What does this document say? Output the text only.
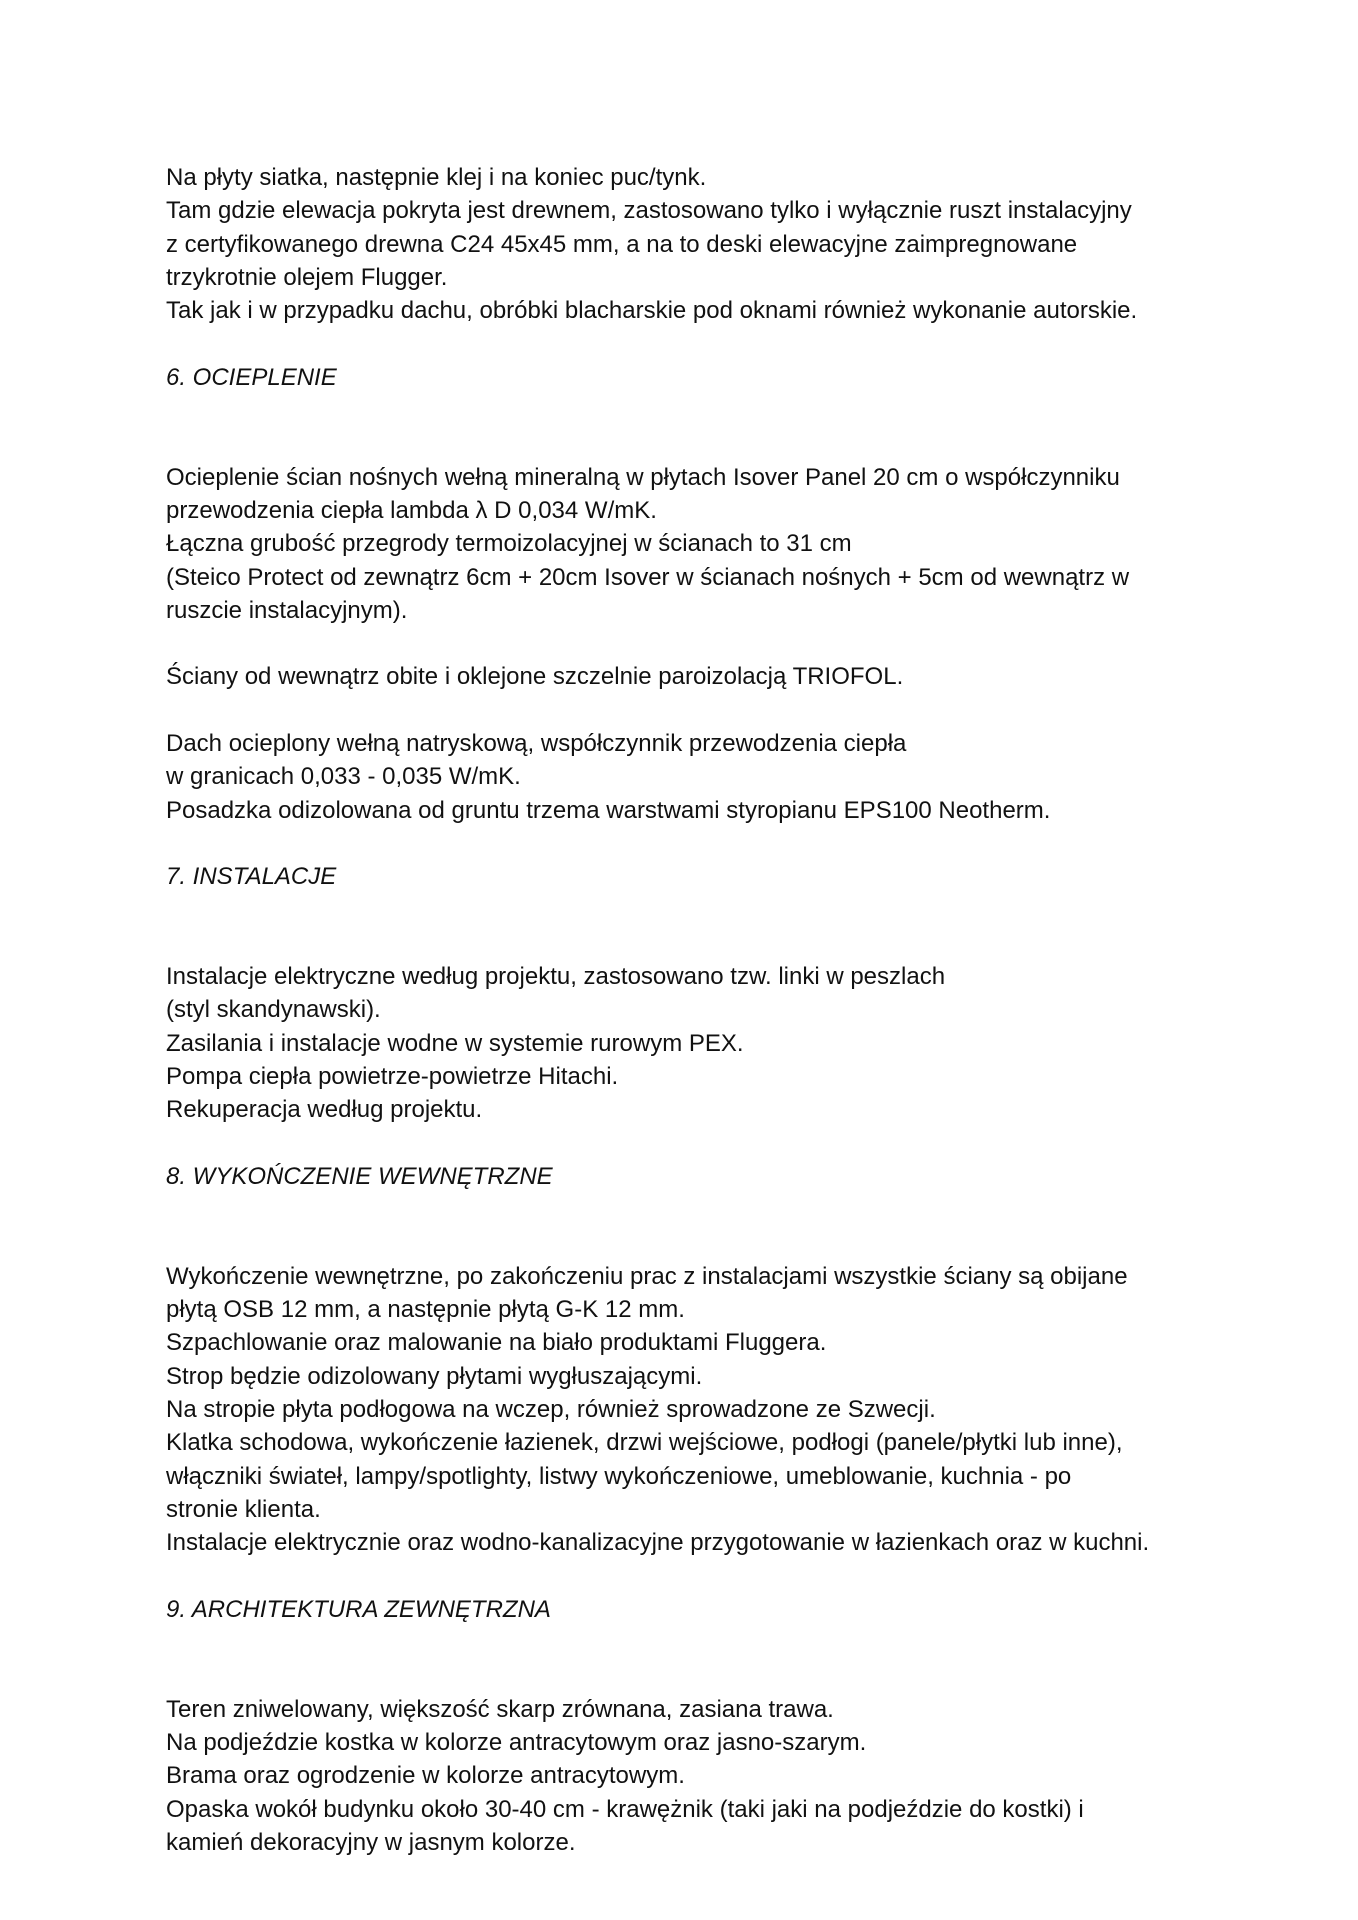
Na płyty siatka, następnie klej i na koniec puc/tynk.
Tam gdzie elewacja pokryta jest drewnem, zastosowano tylko i wyłącznie ruszt instalacyjny
z certyfikowanego drewna C24 45x45 mm, a na to deski elewacyjne zaimpregnowane
trzykrotnie olejem Flugger.
Tak jak i w przypadku dachu, obróbki blacharskie pod oknami również wykonanie autorskie.
6. OCIEPLENIE
Ocieplenie ścian nośnych wełną mineralną w płytach Isover Panel 20 cm o współczynniku
przewodzenia ciepła lambda λ D 0,034 W/mK.
Łączna grubość przegrody termoizolacyjnej w ścianach to 31 cm
(Steico Protect od zewnątrz 6cm + 20cm Isover w ścianach nośnych + 5cm od wewnątrz w
ruszcie instalacyjnym).
Ściany od wewnątrz obite i oklejone szczelnie paroizolacją TRIOFOL.
Dach ocieplony wełną natryskową, współczynnik przewodzenia ciepła
w granicach 0,033 - 0,035 W/mK.
Posadzka odizolowana od gruntu trzema warstwami styropianu EPS100 Neotherm.
7. INSTALACJE
Instalacje elektryczne według projektu, zastosowano tzw. linki w peszlach
(styl skandynawski).
Zasilania i instalacje wodne w systemie rurowym PEX.
Pompa ciepła powietrze-powietrze Hitachi.
Rekuperacja według projektu.
8. WYKOŃCZENIE WEWNĘTRZNE
Wykończenie wewnętrzne, po zakończeniu prac z instalacjami wszystkie ściany są obijane
płytą OSB 12 mm, a następnie płytą G-K 12 mm.
Szpachlowanie oraz malowanie na biało produktami Fluggera.
Strop będzie odizolowany płytami wygłuszającymi.
Na stropie płyta podłogowa na wczep, również sprowadzone ze Szwecji.
Klatka schodowa, wykończenie łazienek, drzwi wejściowe, podłogi (panele/płytki lub inne),
włączniki świateł, lampy/spotlighty, listwy wykończeniowe, umeblowanie, kuchnia - po
stronie klienta.
Instalacje elektrycznie oraz wodno-kanalizacyjne przygotowanie w łazienkach oraz w kuchni.
9. ARCHITEKTURA ZEWNĘTRZNA
Teren zniwelowany, większość skarp zrównana, zasiana trawa.
Na podjeździe kostka w kolorze antracytowym oraz jasno-szarym.
Brama oraz ogrodzenie w kolorze antracytowym.
Opaska wokół budynku około 30-40 cm - krawężnik (taki jaki na podjeździe do kostki) i
kamień dekoracyjny w jasnym kolorze.
